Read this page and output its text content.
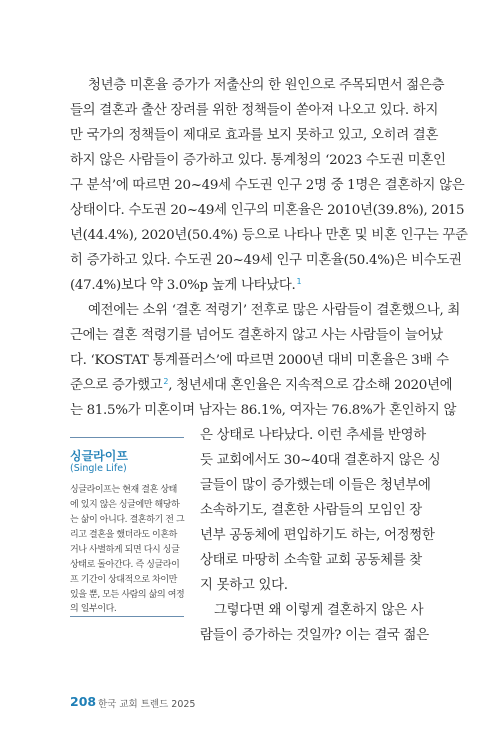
청년층 미혼율 증가가 저출산의 한 원인으로 주목되면서 젊은층
들의 결혼과 출산 장려를 위한 정책들이 쏟아져 나오고 있다. 하지
만 국가의 정책들이 제대로 효과를 보지 못하고 있고, 오히려 결혼
하지 않은 사람들이 증가하고 있다. 통계청의 ‘2023 수도권 미혼인
구 분석’에 따르면 20~49세 수도권 인구 2명 중 1명은 결혼하지 않은
상태이다. 수도권 20~49세 인구의 미혼율은 2010년(39.8%), 2015
년(44.4%), 2020년(50.4%) 등으로 나타나 만혼 및 비혼 인구는 꾸준
히 증가하고 있다. 수도권 20~49세 인구 미혼율(50.4%)은 비수도권
(47.4%)보다 약 3.0%p 높게 나타났다.$^1$
예전에는 소위 ‘결혼 적령기’ 전후로 많은 사람들이 결혼했으나, 최
근에는 결혼 적령기를 넘어도 결혼하지 않고 사는 사람들이 늘어났
다. ‘KOSTAT 통계플러스’에 따르면 2000년 대비 미혼율은 3배 수
준으로 증가했고$^2$, 청년세대 혼인율은 지속적으로 감소해 2020년에
는 81.5%가 미혼이며 남자는 86.1%, 여자는 76.8%가 혼인하지 않
은 상태로 나타났다. 이런 추세를 반영하
듯 교회에서도 30~40대 결혼하지 않은 싱
글들이 많이 증가했는데 이들은 청년부에
소속하기도, 결혼한 사람들의 모임인 장
년부 공동체에 편입하기도 하는, 어정쩡한
상태로 마땅히 소속할 교회 공동체를 찾
지 못하고 있다.
그렇다면 왜 이렇게 결혼하지 않은 사
람들이 증가하는 것일까? 이는 결국 젊은
싱글라이프
(Single Life)
싱글라이프는 현재 결혼 상태
에 있지 않은 싱글에만 해당하
는 삶이 아니다. 결혼하기 전 그
리고 결혼을 했더라도 이혼하
거나 사별하게 되면 다시 싱글
상태로 돌아간다. 즉 싱글라이
프 기간이 상대적으로 차이만
있을 뿐, 모든 사람의 삶의 여정
의 일부이다.
208 한국 교회 트렌드 2025
